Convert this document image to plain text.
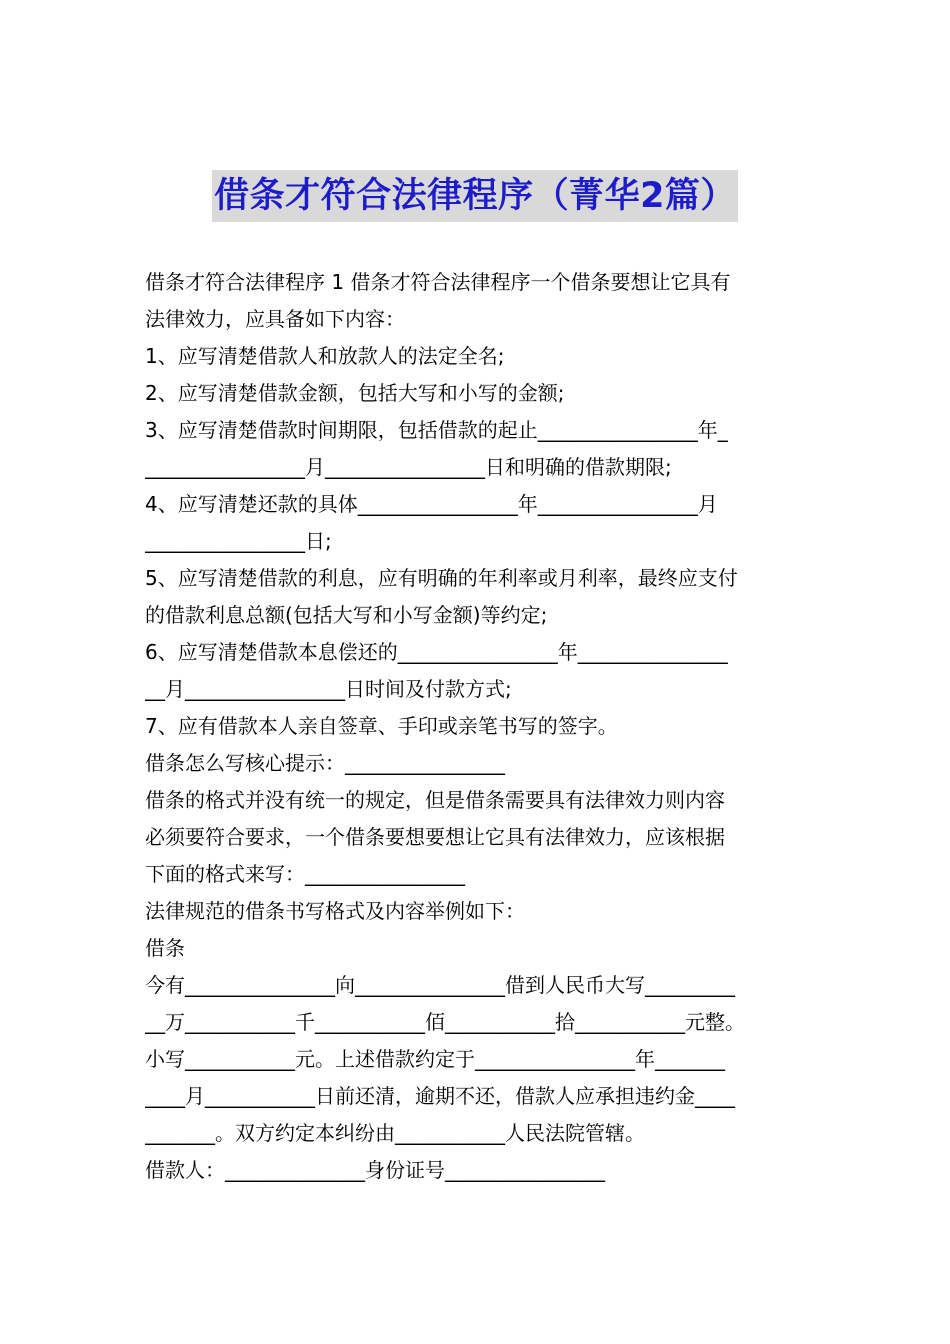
借条才符合法律程序（菁华2篇）
借条才符合法律程序 1 借条才符合法律程序一个借条要想让它具有
法律效力，应具备如下内容：
1、应写清楚借款人和放款人的法定全名;
2、应写清楚借款金额，包括大写和小写的金额;
3、应写清楚借款时间期限，包括借款的起止________________年_
________________月________________日和明确的借款期限;
4、应写清楚还款的具体________________年________________月
________________日;
5、应写清楚借款的利息，应有明确的年利率或月利率，最终应支付
的借款利息总额(包括大写和小写金额)等约定;
6、应写清楚借款本息偿还的________________年_______________
__月________________日时间及付款方式;
7、应有借款本人亲自签章、手印或亲笔书写的签字。
借条怎么写核心提示：________________
借条的格式并没有统一的规定，但是借条需要具有法律效力则内容
必须要符合要求，一个借条要想要想让它具有法律效力，应该根据
下面的格式来写：________________
法律规范的借条书写格式及内容举例如下：
借条
今有_______________向_______________借到人民币大写_________
__万___________千___________佰___________拾___________元整。
小写___________元。上述借款约定于________________年_______
____月___________日前还清，逾期不还，借款人应承担违约金____
_______。双方约定本纠纷由___________人民法院管辖。
借款人：______________身份证号________________
